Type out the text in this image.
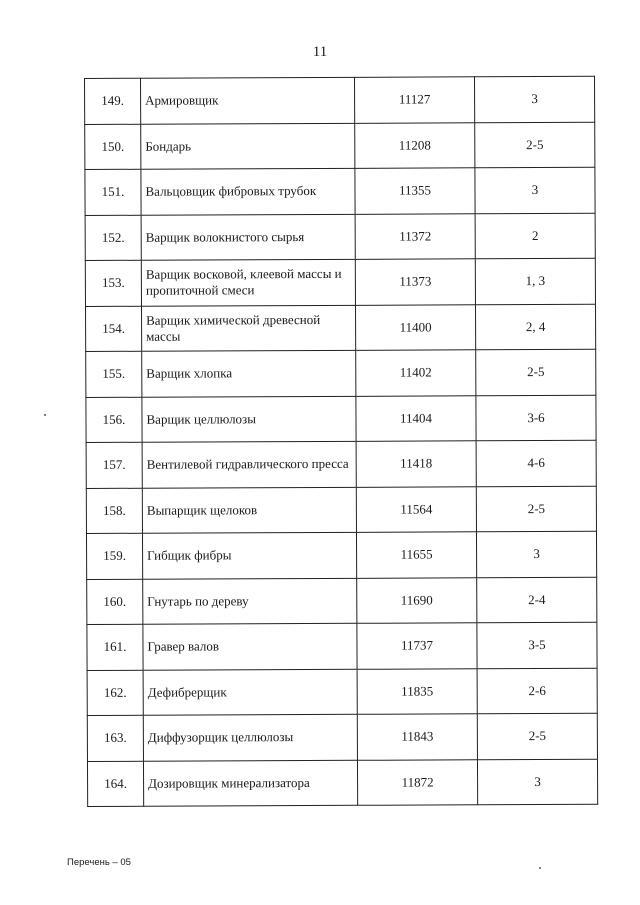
11
149.	Армировщик	11127	3
150.	Бондарь	11208	2-5
151.	Вальцовщик фибровых трубок	11355	3
152.	Варщик волокнистого сырья	11372	2
153.	Варщик восковой, клеевой массы и пропиточной смеси	11373	1, 3
154.	Варщик химической древесной массы	11400	2, 4
155.	Варщик хлопка	11402	2-5
156.	Варщик целлюлозы	11404	3-6
157.	Вентилевой гидравлического пресса	11418	4-6
158.	Выпарщик щелоков	11564	2-5
159.	Гибщик фибры	11655	3
160.	Гнутарь по дереву	11690	2-4
161.	Гравер валов	11737	3-5
162.	Дефибрерщик	11835	2-6
163.	Диффузорщик целлюлозы	11843	2-5
164.	Дозировщик минерализатора	11872	3
Перечень – 05
